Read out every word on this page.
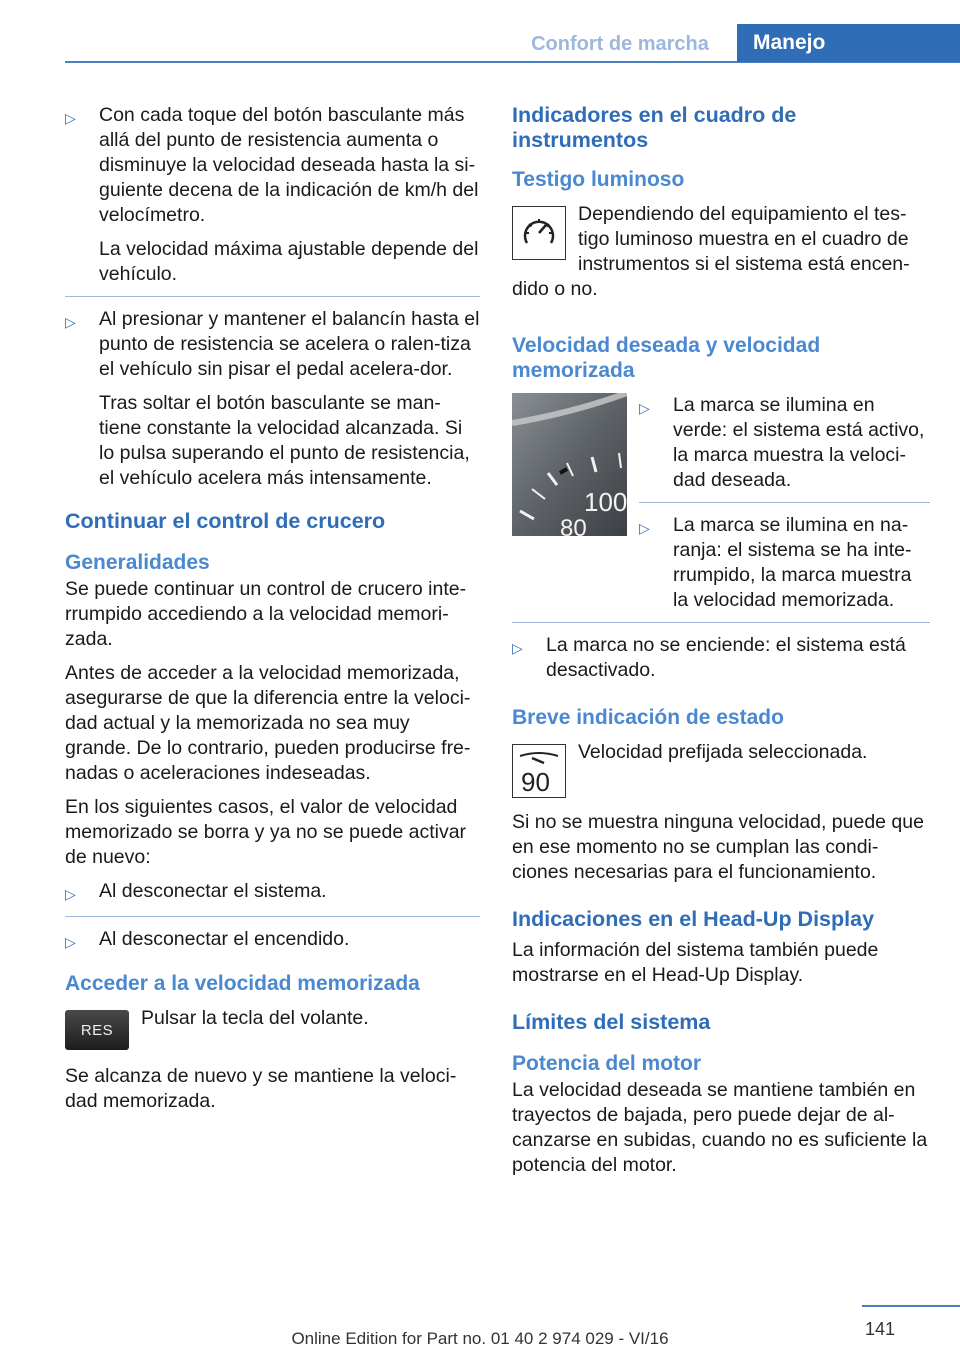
Confort de marcha	Manejo
▷	Con cada toque del botón basculante más allá del punto de resistencia aumenta o disminuye la velocidad deseada hasta la si-guiente decena de la indicación de km/h del velocímetro.

La velocidad máxima ajustable depende del vehículo.

▷	Al presionar y mantener el balancín hasta el punto de resistencia se acelera o ralen-tiza el vehículo sin pisar el pedal acelera-dor.

Tras soltar el botón basculante se man-tiene constante la velocidad alcanzada. Si lo pulsa superando el punto de resistencia, el vehículo acelera más intensamente.

Continuar el control de crucero
Generalidades

Se puede continuar un control de crucero inte-rrumpido accediendo a la velocidad memori-zada.

Antes de acceder a la velocidad memorizada, asegurarse de que la diferencia entre la veloci-dad actual y la memorizada no sea muy grande. De lo contrario, pueden producirse fre-nadas o aceleraciones indeseadas.

En los siguientes casos, el valor de velocidad memorizado se borra y ya no se puede activar de nuevo:

▷	Al desconectar el sistema.

▷	Al desconectar el encendido.

Acceder a la velocidad memorizada
RES

Pulsar la tecla del volante.

Se alcanza de nuevo y se mantiene la veloci-dad memorizada.

Indicadores en el cuadro de instrumentos
Testigo luminoso

Dependiendo del equipamiento el tes-tigo luminoso muestra en el cuadro de instrumentos si el sistema está encen-dido o no.

Velocidad deseada y velocidad memorizada
100
80
▷	La marca se ilumina en verde: el sistema está activo, la marca muestra la veloci-dad deseada.

▷	La marca se ilumina en na-ranja: el sistema se ha inte-rrumpido, la marca muestra la velocidad memorizada.

▷	La marca no se enciende: el sistema está desactivado.

Breve indicación de estado
90

Velocidad prefijada seleccionada.

Si no se muestra ninguna velocidad, puede que en ese momento no se cumplan las condi-ciones necesarias para el funcionamiento.

Indicaciones en el Head-Up Display

La información del sistema también puede mostrarse en el Head-Up Display.

Límites del sistema
Potencia del motor

La velocidad deseada se mantiene también en trayectos de bajada, pero puede dejar de al-canzarse en subidas, cuando no es suficiente la potencia del motor.

141
Online Edition for Part no. 01 40 2 974 029 - VI/16
